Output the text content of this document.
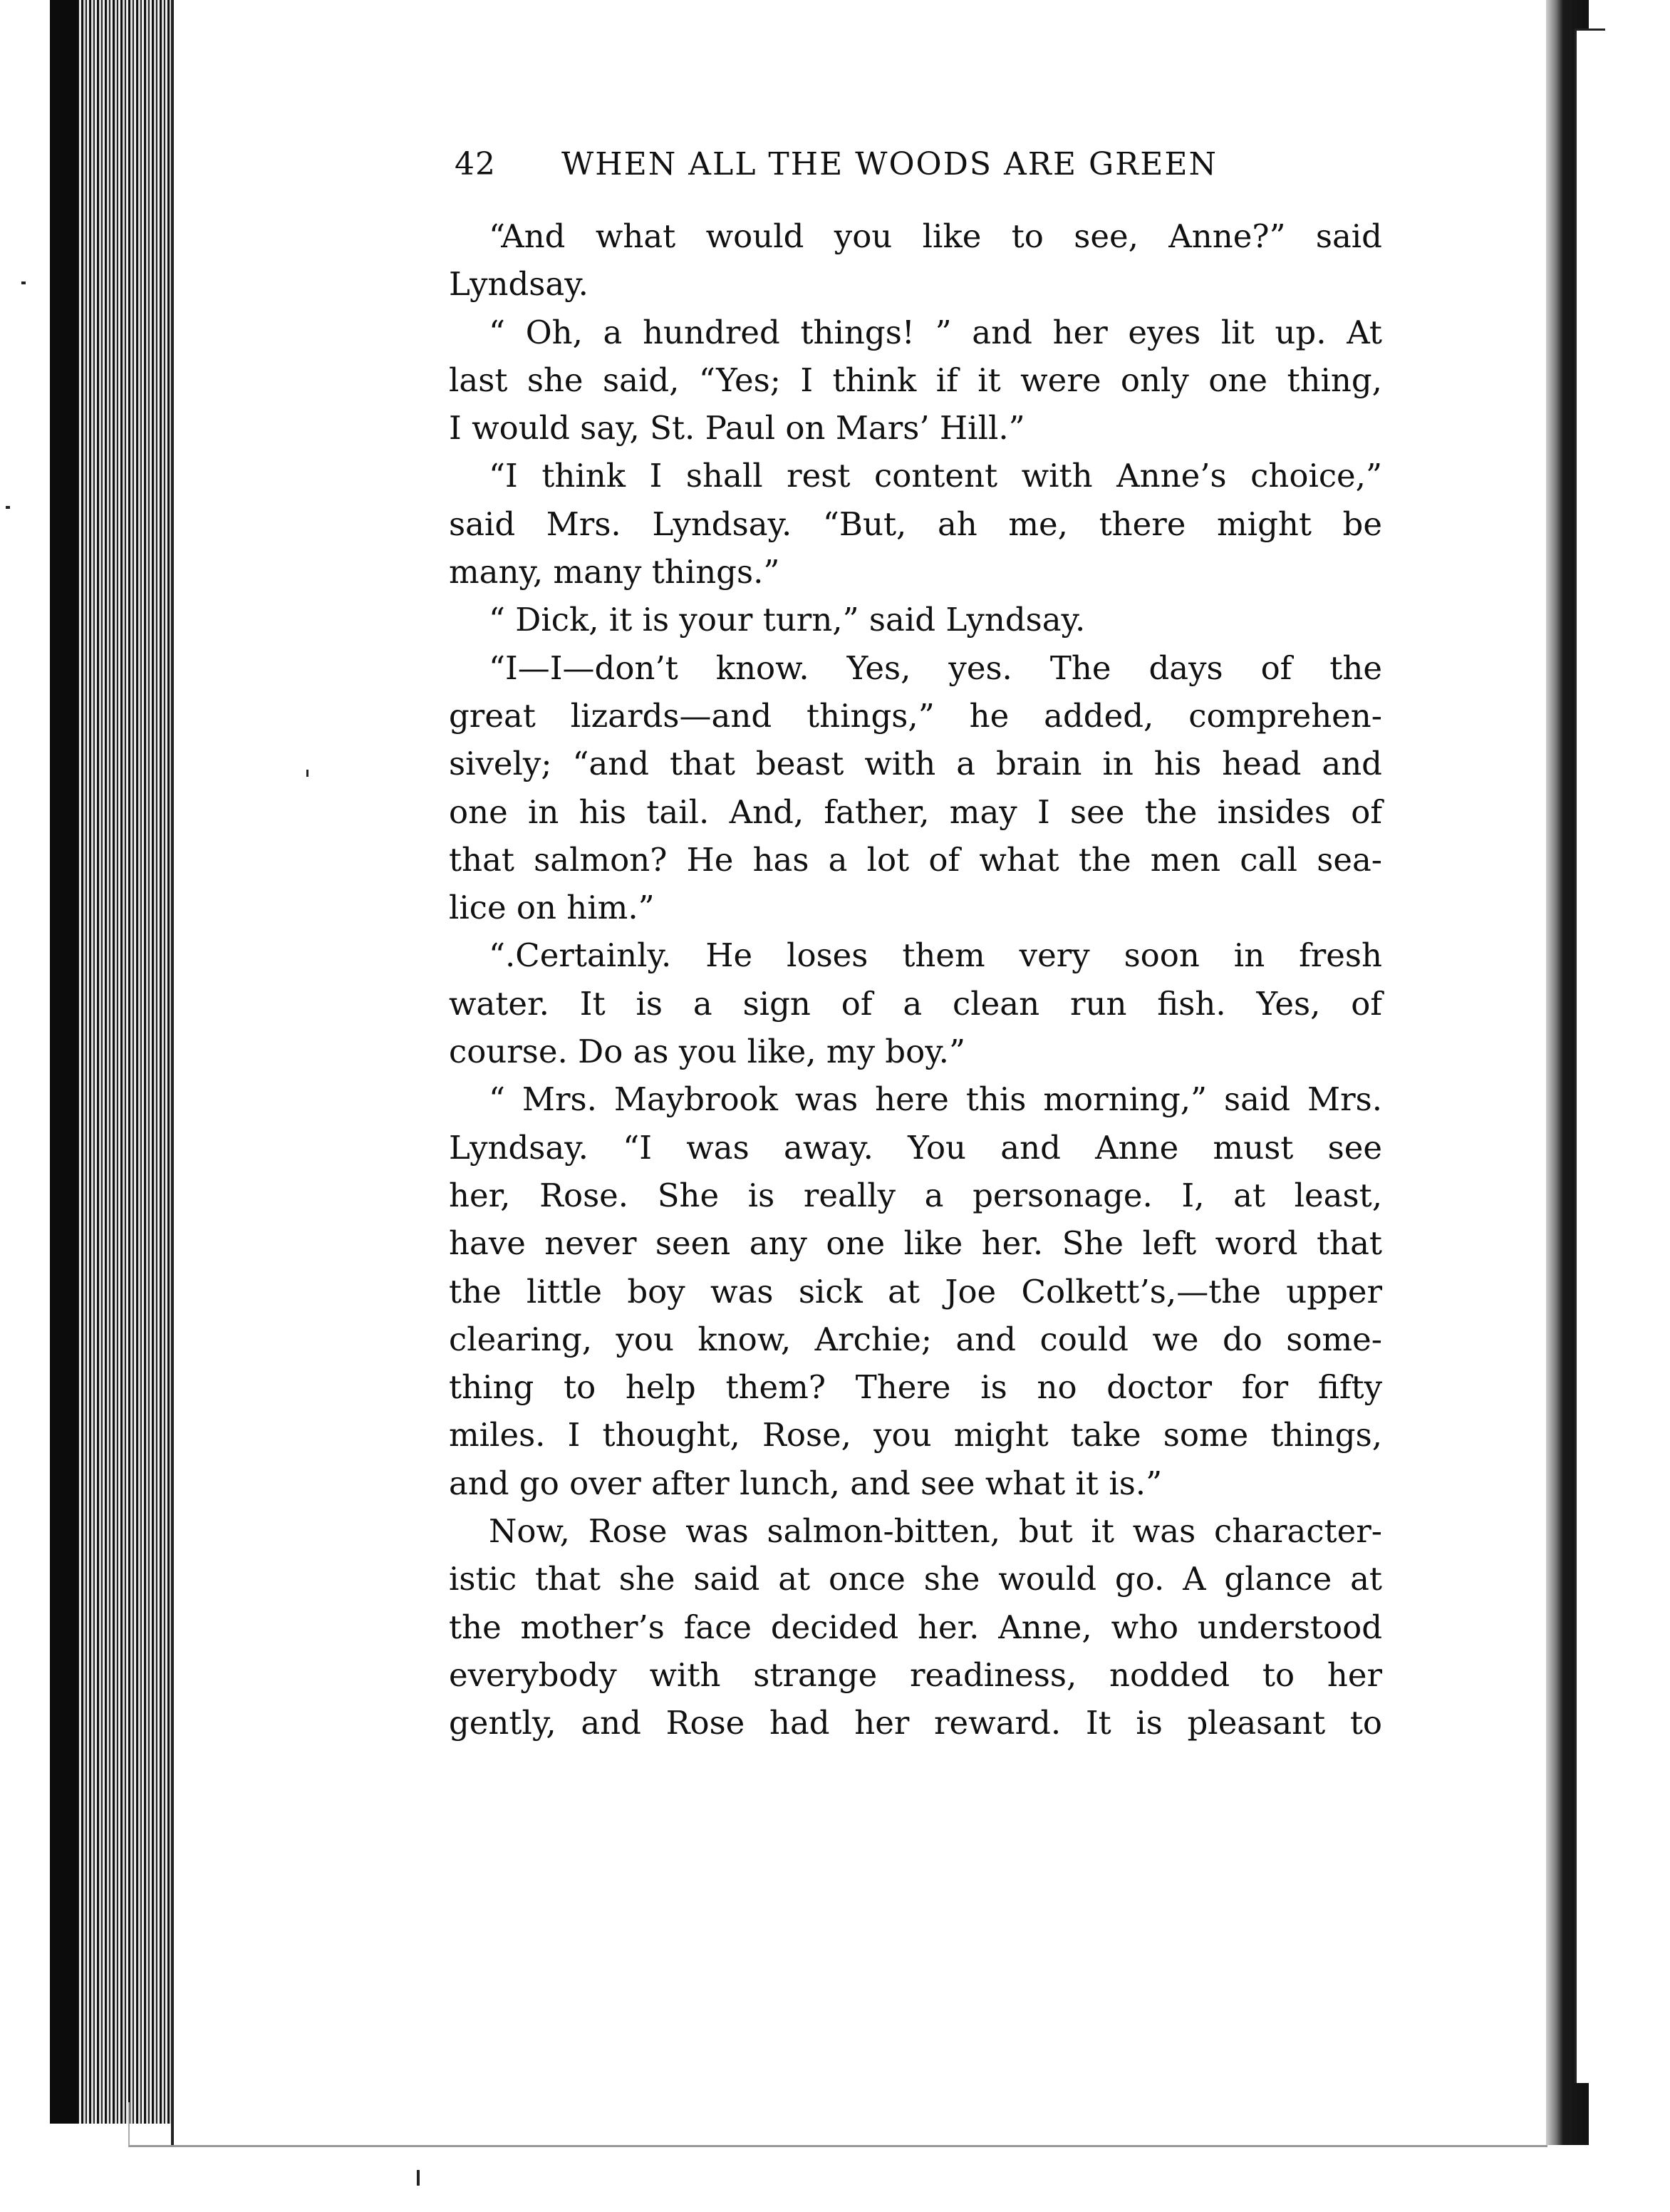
42	WHEN ALL THE WOODS ARE GREEN
“And what would you like to see, Anne?” said
Lyndsay.
“ Oh, a hundred things! ” and her eyes lit up. At
last she said, “Yes; I think if it were only one thing,
I would say, St. Paul on Mars’ Hill.”
“I think I shall rest content with Anne’s choice,”
said Mrs. Lyndsay. “But, ah me, there might be
many, many things.”
“ Dick, it is your turn,” said Lyndsay.
“I—I—don’t know. Yes, yes. The days of the
great lizards—and things,” he added, comprehen-
sively; “and that beast with a brain in his head and
one in his tail. And, father, may I see the insides of
that salmon? He has a lot of what the men call sea-
lice on him.”
“.Certainly. He loses them very soon in fresh
water. It is a sign of a clean run fish. Yes, of
course. Do as you like, my boy.”
“ Mrs. Maybrook was here this morning,” said Mrs.
Lyndsay. “I was away. You and Anne must see
her, Rose. She is really a personage. I, at least,
have never seen any one like her. She left word that
the little boy was sick at Joe Colkett’s,—the upper
clearing, you know, Archie; and could we do some-
thing to help them? There is no doctor for fifty
miles. I thought, Rose, you might take some things,
and go over after lunch, and see what it is.”
Now, Rose was salmon-bitten, but it was character-
istic that she said at once she would go. A glance at
the mother’s face decided her. Anne, who understood
everybody with strange readiness, nodded to her
gently, and Rose had her reward. It is pleasant to
